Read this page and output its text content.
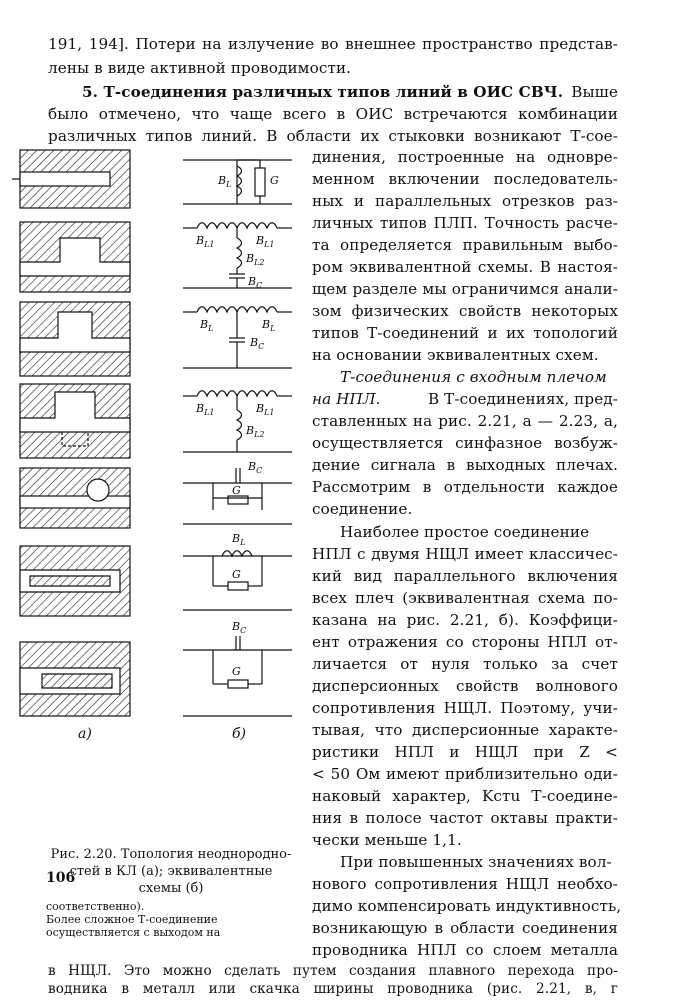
191, 194]. Потери на излучение во внешнее пространство представ-
лены в виде активной проводимости.
5. Т-соединения различных типов линий в ОИС СВЧ. Выше
было отмечено, что чаще всего в ОИС встречаются комбинации
различных типов линий. В области их стыковки возникают Т-сое-
динения, построенные на одновре-
менном включении последователь-
ных и параллельных отрезков раз-
личных типов ПЛП. Точность расче-
та определяется правильным выбо-
ром эквивалентной схемы. В настоя-
щем разделе мы ограничимся анали-
зом физических свойств некоторых
типов Т-соединений и их топологий
на основании эквивалентных схем.
Т-соединения с входным плечом
на НПЛ.	В Т-соединениях, пред-
ставленных на рис. 2.21, а — 2.23, а,
осуществляется синфазное возбуж-
дение сигнала в выходных плечах.
Рассмотрим в отдельности каждое
соединение.
Наиболее простое соединение
НПЛ с двумя НЩЛ имеет классичес-
кий вид параллельного включения
всех плеч (эквивалентная схема по-
казана на рис. 2.21, б). Коэффици-
ент отражения со стороны НПЛ от-
личается от нуля только за счет
дисперсионных свойств волнового
сопротивления НЩЛ. Поэтому, учи-
тывая, что дисперсионные характе-
ристики НПЛ и НЩЛ при Z <
< 50 Ом имеют приблизительно оди-
наковый характер, Kстu Т-соедине-
ния в полосе частот октавы практи-
чески меньше 1,1.
При повышенных значениях вол-
нового сопротивления НЩЛ необхо-
димо компенсировать индуктивность,
возникающую в области соединения
проводника НПЛ со слоем металла
Рис. 2.20. Топология неоднородно-
стей в КЛ (а); эквивалентные
схемы (б)
а)	б)
$B_L$	G
$B_{L1}$	$B_{L1}$
$B_{L2}$
$B_C$
$B_L$	$B_L$
$B_C$
$B_{L1}$	$B_{L1}$
$B_{L2}$
$B_C$
G
$B_L$
G
$B_C$
G
в НЩЛ. Это можно сделать путем создания плавного перехода про-
водника в металл или скачка ширины проводника (рис. 2.21, в, г
соответственно).
Более сложное Т-соединение осуществляется с выходом на
106
